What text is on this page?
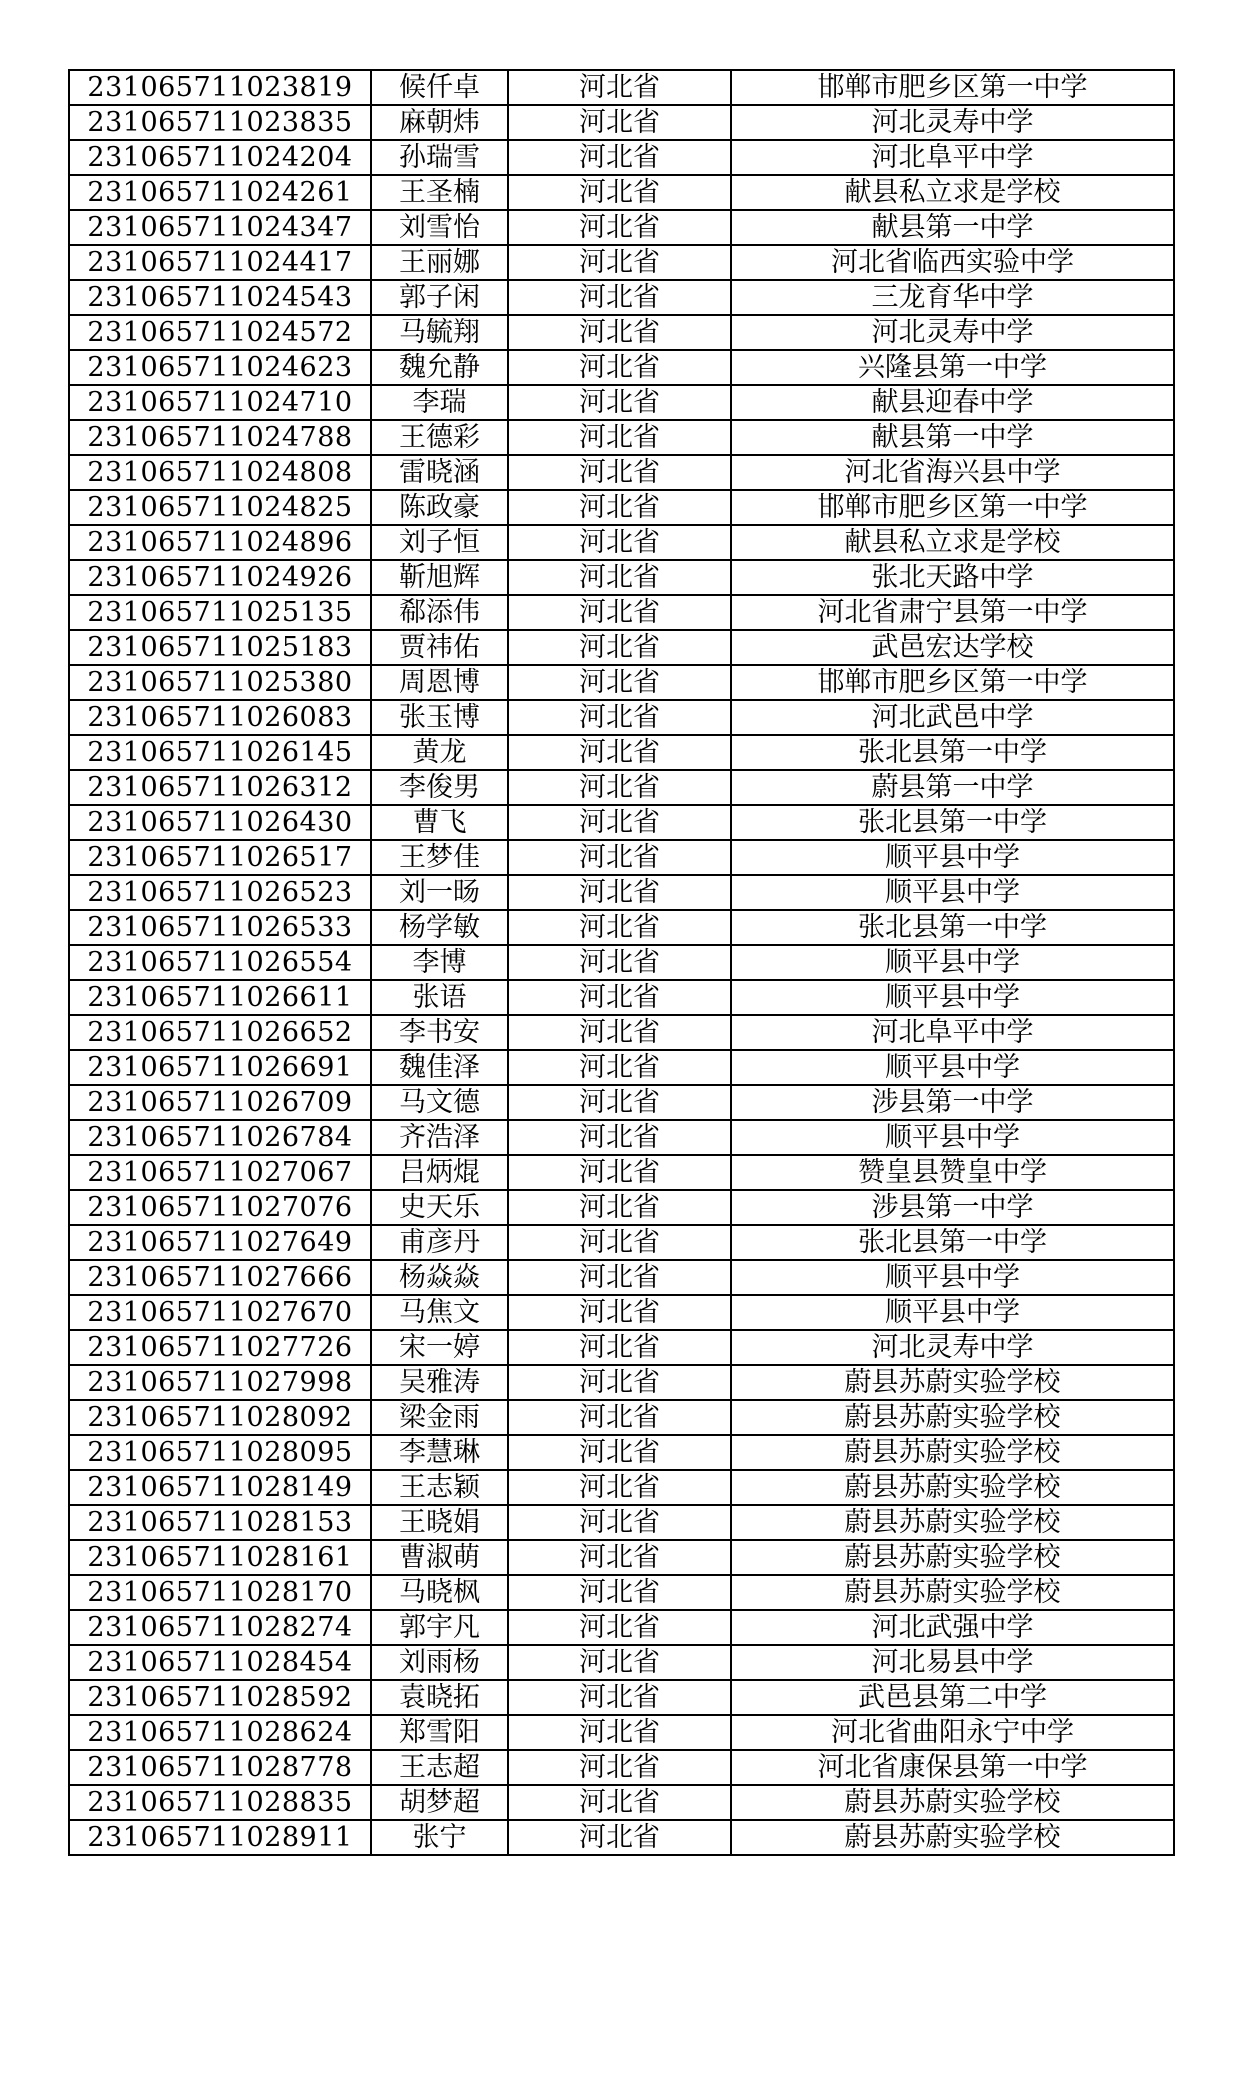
231065711023819	候仟卓	河北省	邯郸市肥乡区第一中学
231065711023835	麻朝炜	河北省	河北灵寿中学
231065711024204	孙瑞雪	河北省	河北阜平中学
231065711024261	王圣楠	河北省	献县私立求是学校
231065711024347	刘雪怡	河北省	献县第一中学
231065711024417	王丽娜	河北省	河北省临西实验中学
231065711024543	郭子闲	河北省	三龙育华中学
231065711024572	马毓翔	河北省	河北灵寿中学
231065711024623	魏允静	河北省	兴隆县第一中学
231065711024710	李瑞	河北省	献县迎春中学
231065711024788	王德彩	河北省	献县第一中学
231065711024808	雷晓涵	河北省	河北省海兴县中学
231065711024825	陈政豪	河北省	邯郸市肥乡区第一中学
231065711024896	刘子恒	河北省	献县私立求是学校
231065711024926	靳旭辉	河北省	张北天路中学
231065711025135	郗添伟	河北省	河北省肃宁县第一中学
231065711025183	贾祎佑	河北省	武邑宏达学校
231065711025380	周恩博	河北省	邯郸市肥乡区第一中学
231065711026083	张玉博	河北省	河北武邑中学
231065711026145	黄龙	河北省	张北县第一中学
231065711026312	李俊男	河北省	蔚县第一中学
231065711026430	曹飞	河北省	张北县第一中学
231065711026517	王梦佳	河北省	顺平县中学
231065711026523	刘一旸	河北省	顺平县中学
231065711026533	杨学敏	河北省	张北县第一中学
231065711026554	李博	河北省	顺平县中学
231065711026611	张语	河北省	顺平县中学
231065711026652	李书安	河北省	河北阜平中学
231065711026691	魏佳泽	河北省	顺平县中学
231065711026709	马文德	河北省	涉县第一中学
231065711026784	齐浩泽	河北省	顺平县中学
231065711027067	吕炳焜	河北省	赞皇县赞皇中学
231065711027076	史天乐	河北省	涉县第一中学
231065711027649	甫彦丹	河北省	张北县第一中学
231065711027666	杨焱焱	河北省	顺平县中学
231065711027670	马焦文	河北省	顺平县中学
231065711027726	宋一婷	河北省	河北灵寿中学
231065711027998	吴雅涛	河北省	蔚县苏蔚实验学校
231065711028092	梁金雨	河北省	蔚县苏蔚实验学校
231065711028095	李慧琳	河北省	蔚县苏蔚实验学校
231065711028149	王志颖	河北省	蔚县苏蔚实验学校
231065711028153	王晓娟	河北省	蔚县苏蔚实验学校
231065711028161	曹淑萌	河北省	蔚县苏蔚实验学校
231065711028170	马晓枫	河北省	蔚县苏蔚实验学校
231065711028274	郭宇凡	河北省	河北武强中学
231065711028454	刘雨杨	河北省	河北易县中学
231065711028592	袁晓拓	河北省	武邑县第二中学
231065711028624	郑雪阳	河北省	河北省曲阳永宁中学
231065711028778	王志超	河北省	河北省康保县第一中学
231065711028835	胡梦超	河北省	蔚县苏蔚实验学校
231065711028911	张宁	河北省	蔚县苏蔚实验学校
